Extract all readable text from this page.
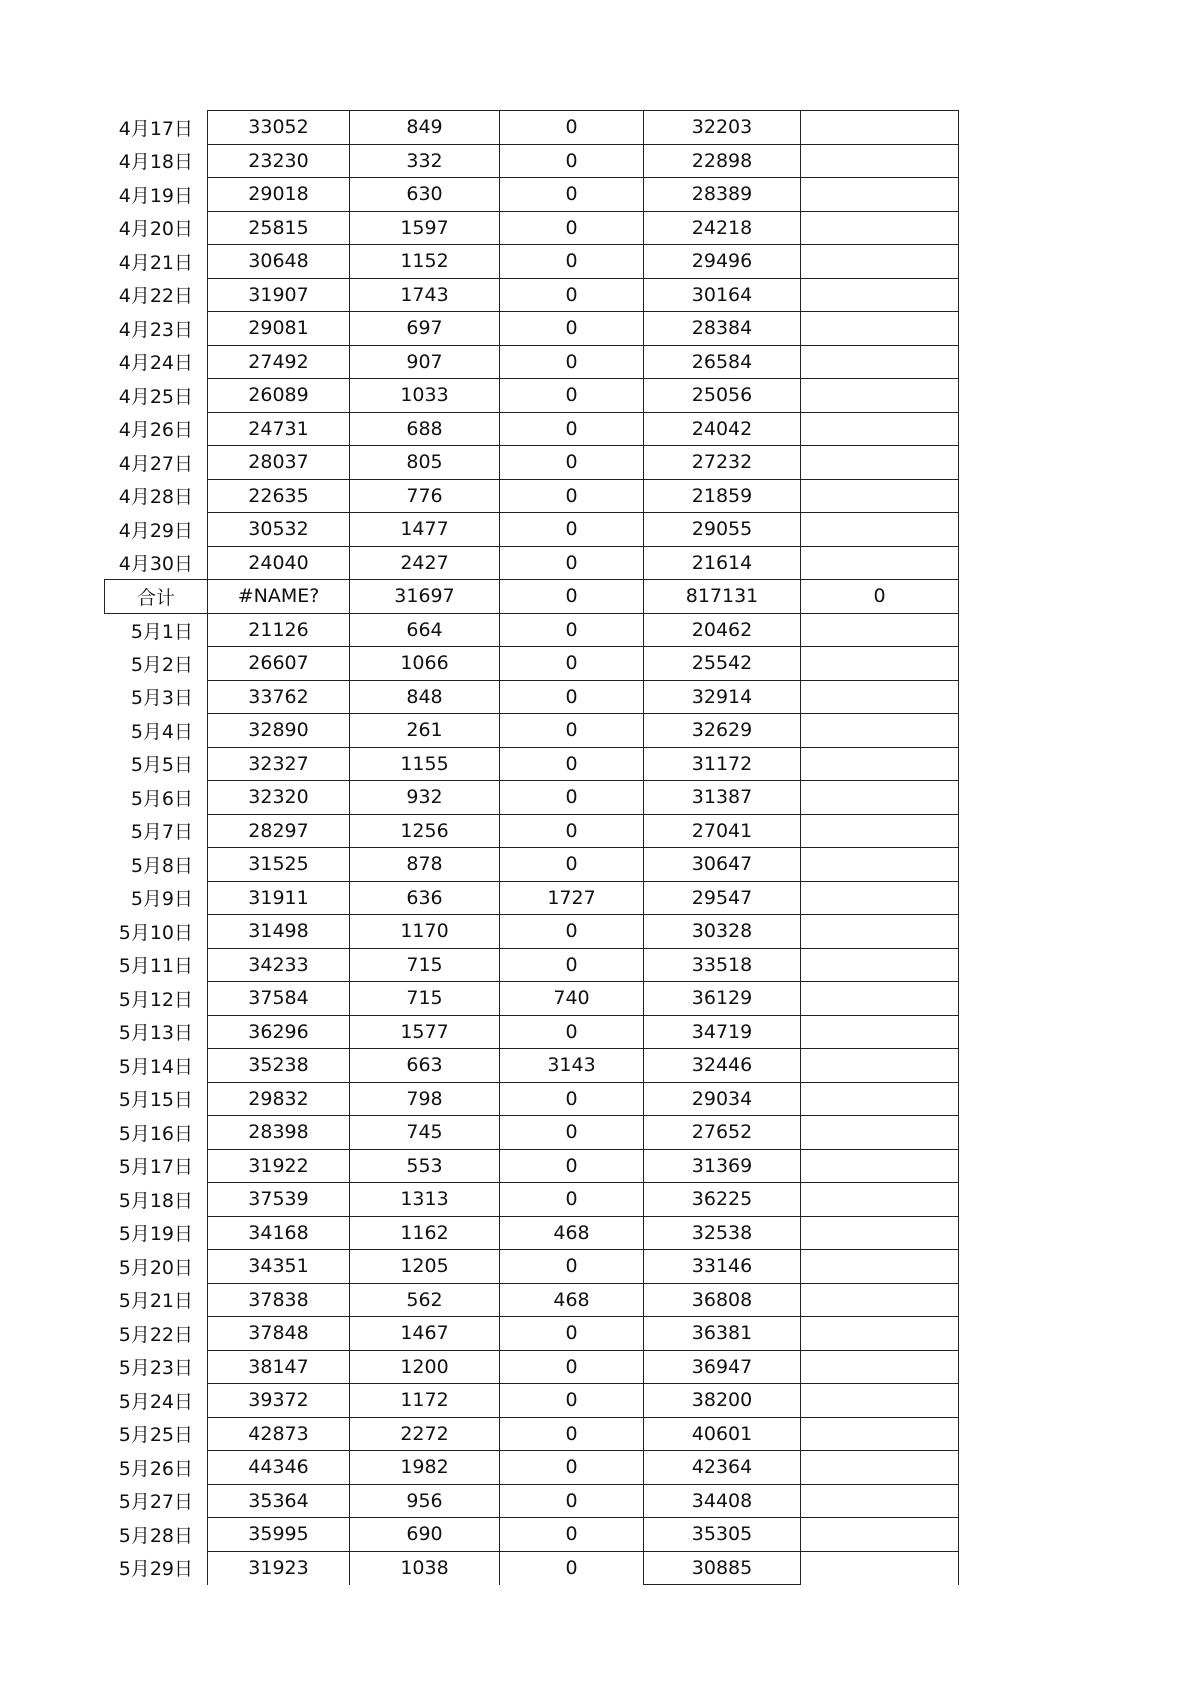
4月17日	33052	849	0	32203	
4月18日	23230	332	0	22898	
4月19日	29018	630	0	28389	
4月20日	25815	1597	0	24218	
4月21日	30648	1152	0	29496	
4月22日	31907	1743	0	30164	
4月23日	29081	697	0	28384	
4月24日	27492	907	0	26584	
4月25日	26089	1033	0	25056	
4月26日	24731	688	0	24042	
4月27日	28037	805	0	27232	
4月28日	22635	776	0	21859	
4月29日	30532	1477	0	29055	
4月30日	24040	2427	0	21614	
合计	#NAME?	31697	0	817131	0
5月1日	21126	664	0	20462	
5月2日	26607	1066	0	25542	
5月3日	33762	848	0	32914	
5月4日	32890	261	0	32629	
5月5日	32327	1155	0	31172	
5月6日	32320	932	0	31387	
5月7日	28297	1256	0	27041	
5月8日	31525	878	0	30647	
5月9日	31911	636	1727	29547	
5月10日	31498	1170	0	30328	
5月11日	34233	715	0	33518	
5月12日	37584	715	740	36129	
5月13日	36296	1577	0	34719	
5月14日	35238	663	3143	32446	
5月15日	29832	798	0	29034	
5月16日	28398	745	0	27652	
5月17日	31922	553	0	31369	
5月18日	37539	1313	0	36225	
5月19日	34168	1162	468	32538	
5月20日	34351	1205	0	33146	
5月21日	37838	562	468	36808	
5月22日	37848	1467	0	36381	
5月23日	38147	1200	0	36947	
5月24日	39372	1172	0	38200	
5月25日	42873	2272	0	40601	
5月26日	44346	1982	0	42364	
5月27日	35364	956	0	34408	
5月28日	35995	690	0	35305	
5月29日	31923	1038	0	30885	
